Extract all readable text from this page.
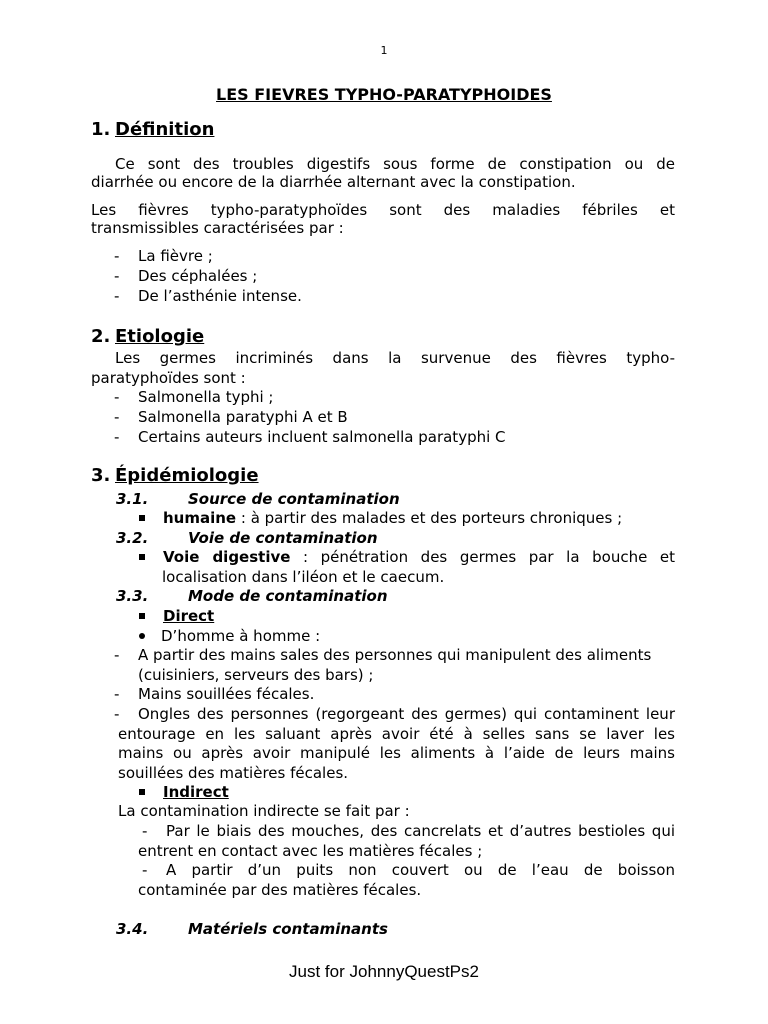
1
LES FIEVRES TYPHO-PARATYPHOIDES
1. Définition
Ce sont des troubles digestifs sous forme de constipation ou de
diarrhée ou encore de la diarrhée alternant avec la constipation.
Les fièvres typho-paratyphoïdes sont des maladies fébriles et
transmissibles caractérisées par :
- La fièvre ;
- Des céphalées ;
- De l’asthénie intense.
2. Etiologie
Les germes incriminés dans la survenue des fièvres typho-
paratyphoïdes sont :
- Salmonella typhi ;
- Salmonella paratyphi A et B
- Certains auteurs incluent salmonella paratyphi C
3. Épidémiologie
3.1.	Source de contamination
humaine : à partir des malades et des porteurs chroniques ;
3.2.	Voie de contamination
Voie digestive : pénétration des germes par la bouche et
localisation dans l’iléon et le caecum.
3.3.	Mode de contamination
Direct
D’homme à homme :
- A partir des mains sales des personnes qui manipulent des aliments
(cuisiniers, serveurs des bars) ;
- Mains souillées fécales.
- Ongles des personnes (regorgeant des germes) qui contaminent leur
entourage en les saluant après avoir été à selles sans se laver les
mains ou après avoir manipulé les aliments à l’aide de leurs mains
souillées des matières fécales.
Indirect
La contamination indirecte se fait par :
- Par le biais des mouches, des cancrelats et d’autres bestioles qui
entrent en contact avec les matières fécales ;
- A partir d’un puits non couvert ou de l’eau de boisson
contaminée par des matières fécales.
3.4.	Matériels contaminants
Just for JohnnyQuestPs2
